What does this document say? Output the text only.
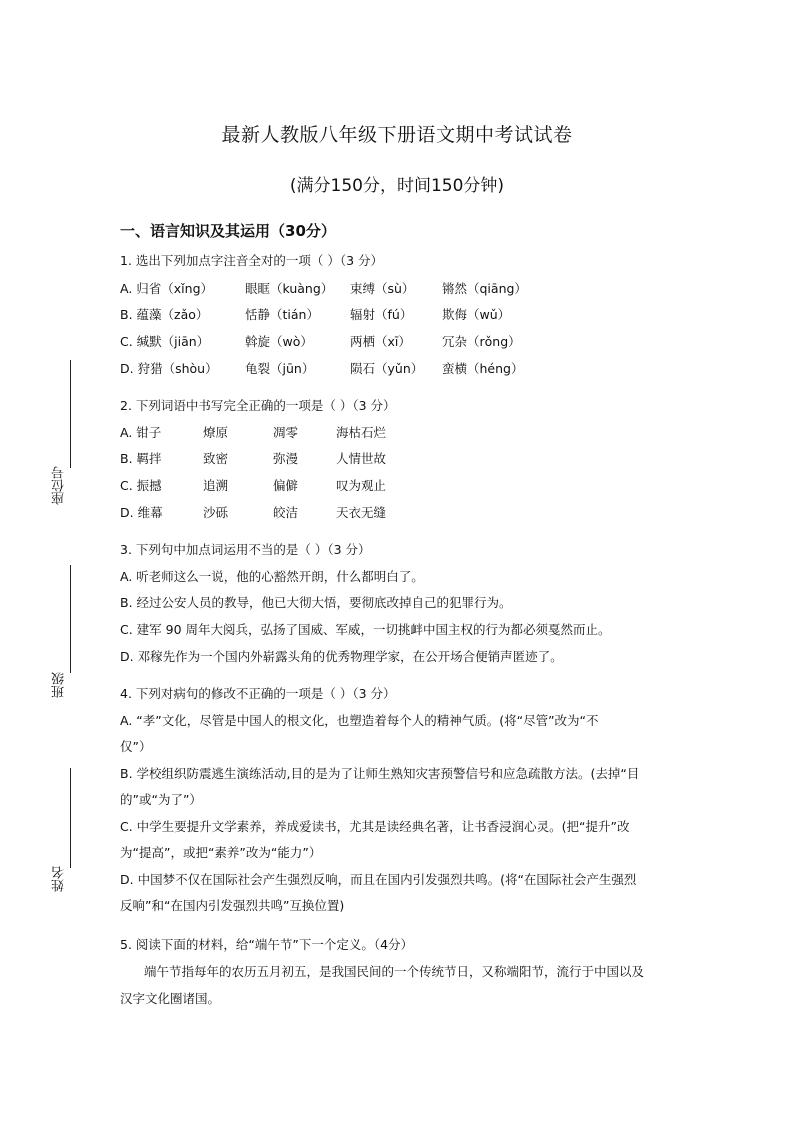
最新人教版八年级下册语文期中考试试卷
(满分150分，时间150分钟)
一、语言知识及其运用（30分）
1. 选出下列加点字注音全对的一项（ ）（3 分）
A. 归省（xǐng）	眼眶（kuàng） 束缚（sù） 锵然（qiāng）
B. 蕴藻（zǎo）	恬静（tián） 辐射（fú） 欺侮（wǔ）
C. 缄默（jiān）	斡旋（wò）	两栖（xī） 冗杂（rǒng）
D. 狩猎（shòu） 龟裂（jūn）	陨石（yǔn） 蛮横（héng）
2. 下列词语中书写完全正确的一项是（ ）（3 分）
A. 钳子	燎原	凋零	海枯石烂
B. 羁拌	致密	弥漫	人情世故
C. 振撼	追溯	偏僻	叹为观止
D. 维幕	沙砾	皎洁	天衣无缝
3. 下列句中加点词运用不当的是（ ）（3 分）
A. 听老师这么一说，他的心豁然开朗，什么都明白了。
B. 经过公安人员的教导，他已大彻大悟，要彻底改掉自己的犯罪行为。
C. 建军 90 周年大阅兵，弘扬了国威、军威，一切挑衅中国主权的行为都必须戛然而止。
D. 邓稼先作为一个国内外崭露头角的优秀物理学家，在公开场合便销声匿迹了。
4. 下列对病句的修改不正确的一项是（ ）（3 分）
A. “孝”文化，尽管是中国人的根文化，也塑造着每个人的精神气质。(将“尽管”改为“不
仅”）
B. 学校组织防震逃生演练活动,目的是为了让师生熟知灾害预警信号和应急疏散方法。(去掉“目
的”或“为了”）
C. 中学生要提升文学素养，养成爱读书，尤其是读经典名著，让书香浸润心灵。(把“提升”改
为“提高”，或把“素养”改为“能力”）
D. 中国梦不仅在国际社会产生强烈反响，而且在国内引发强烈共鸣。(将“在国际社会产生强烈
反响”和“在国内引发强烈共鸣”互换位置)
5. 阅读下面的材料，给“端午节”下一个定义。（4分）
端午节指每年的农历五月初五，是我国民间的一个传统节日，又称端阳节，流行于中国以及
汉字文化圈诸国。
座位号
班级
姓名
